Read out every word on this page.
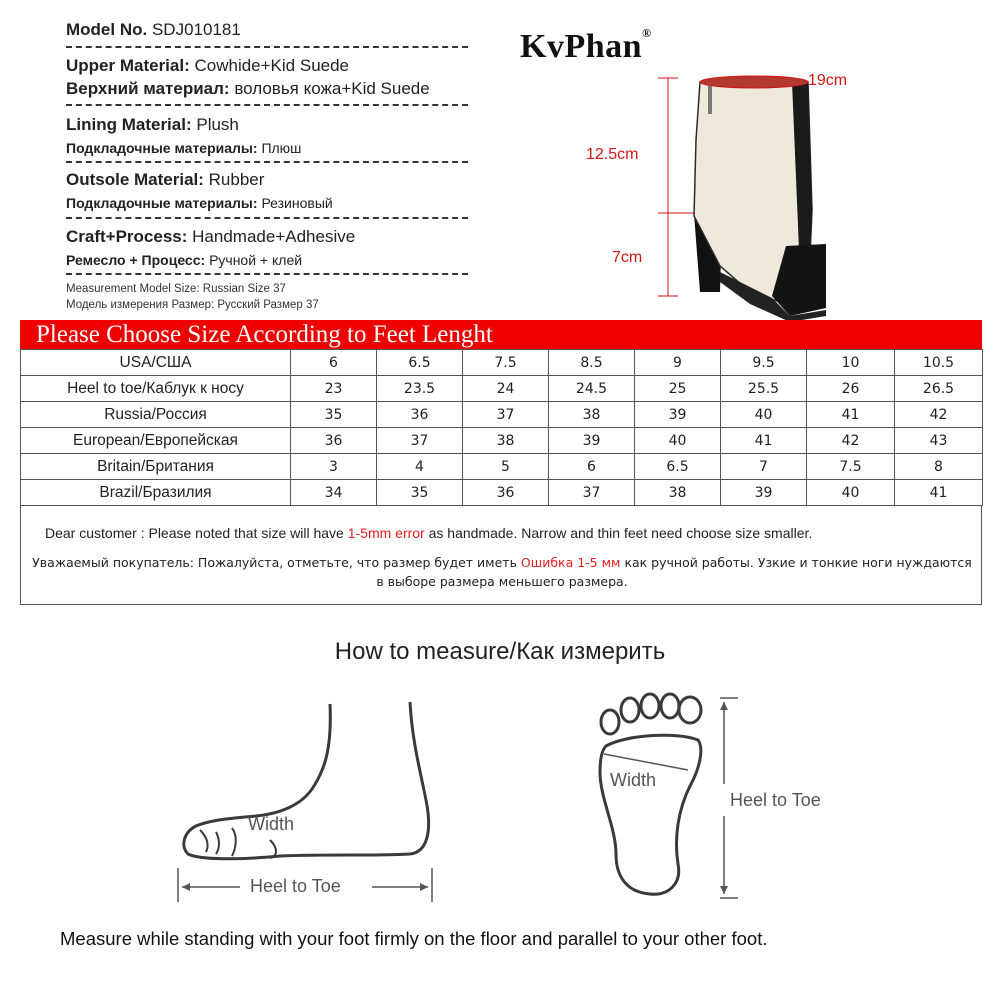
Model No. SDJ010181
Upper Material: Cowhide+Kid Suede
Верхний материал: воловья кожа+Kid Suede
Lining Material: Plush
Подкладочные материалы: Плюш
Outsole Material: Rubber
Подкладочные материалы: Резиновый
Craft+Process: Handmade+Adhesive
Ремесло + Процесс: Ручной + клей
Measurement Model Size: Russian Size 37
Модель измерения Размер: Русский Размер 37
KvPhan®
19cm
12.5cm
7cm
Please Choose Size According to Feet Lenght
USA/СШA	6	6.5	7.5	8.5	9	9.5	10	10.5
Heel to toe/Каблук к носу	23	23.5	24	24.5	25	25.5	26	26.5
Russia/Россия	35	36	37	38	39	40	41	42
European/Европейская	36	37	38	39	40	41	42	43
Britain/Британия	3	4	5	6	6.5	7	7.5	8
Brazil/Бразилия	34	35	36	37	38	39	40	41
Dear customer : Please noted that size will have 1-5mm error as handmade. Narrow and thin feet need choose size smaller.
Уважаемый покупатель: Пожалуйста, отметьте, что размер будет иметь Ошибка 1-5 мм как ручной работы. Узкие и тонкие ноги нуждаются в выборе размера меньшего размера.
How to measure/Как измерить
Width
Heel to Toe
Width
Heel to Toe
Measure while standing with your foot firmly on the floor and parallel to your other foot.
